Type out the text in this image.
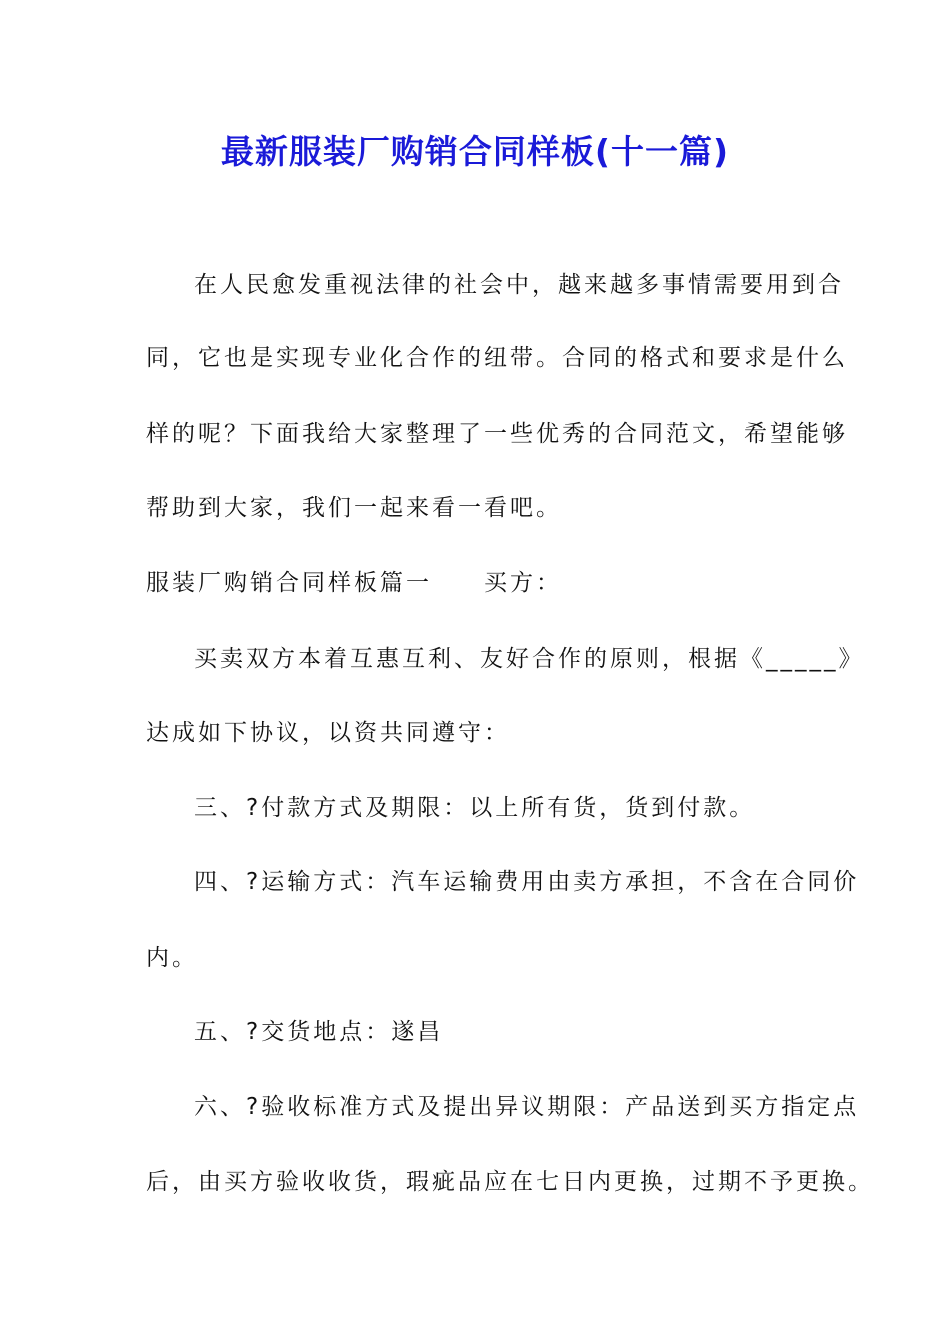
最新服装厂购销合同样板(十一篇)
在人民愈发重视法律的社会中，越来越多事情需要用到合
同，它也是实现专业化合作的纽带。合同的格式和要求是什么
样的呢？下面我给大家整理了一些优秀的合同范文，希望能够
帮助到大家，我们一起来看一看吧。
服装厂购销合同样板篇一　　买方：
买卖双方本着互惠互利、友好合作的原则，根据《_____》
达成如下协议，以资共同遵守：
三、?付款方式及期限：以上所有货，货到付款。
四、?运输方式：汽车运输费用由卖方承担，不含在合同价
内。
五、?交货地点：遂昌
六、?验收标准方式及提出异议期限：产品送到买方指定点
后，由买方验收收货，瑕疵品应在七日内更换，过期不予更换。
